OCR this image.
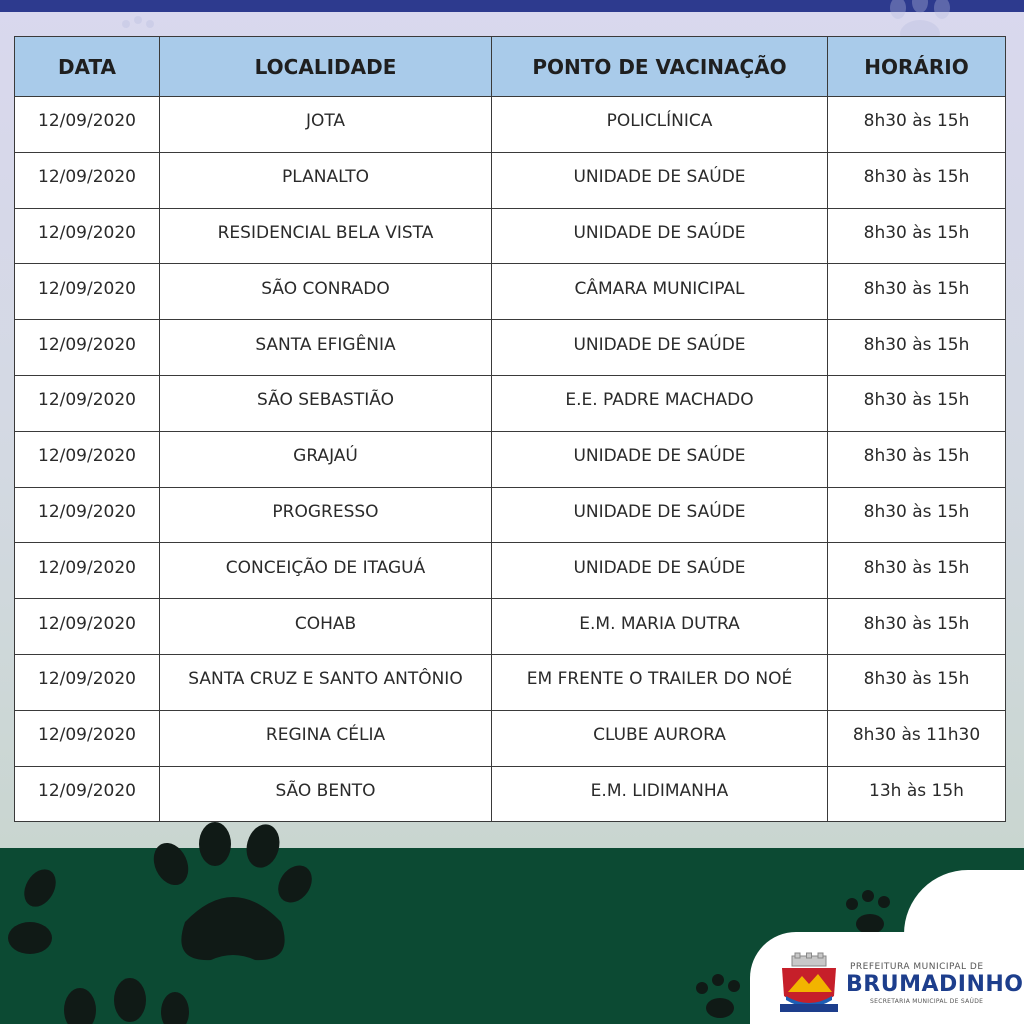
DATA	LOCALIDADE	PONTO DE VACINAÇÃO	HORÁRIO
12/09/2020	JOTA	POLICLÍNICA	8h30 às 15h
12/09/2020	PLANALTO	UNIDADE DE SAÚDE	8h30 às 15h
12/09/2020	RESIDENCIAL BELA VISTA	UNIDADE DE SAÚDE	8h30 às 15h
12/09/2020	SÃO CONRADO	CÂMARA MUNICIPAL	8h30 às 15h
12/09/2020	SANTA EFIGÊNIA	UNIDADE DE SAÚDE	8h30 às 15h
12/09/2020	SÃO SEBASTIÃO	E.E. PADRE MACHADO	8h30 às 15h
12/09/2020	GRAJAÚ	UNIDADE DE SAÚDE	8h30 às 15h
12/09/2020	PROGRESSO	UNIDADE DE SAÚDE	8h30 às 15h
12/09/2020	CONCEIÇÃO DE ITAGUÁ	UNIDADE DE SAÚDE	8h30 às 15h
12/09/2020	COHAB	E.M. MARIA DUTRA	8h30 às 15h
12/09/2020	SANTA CRUZ E SANTO ANTÔNIO	EM FRENTE O TRAILER DO NOÉ	8h30 às 15h
12/09/2020	REGINA CÉLIA	CLUBE AURORA	8h30 às 11h30
12/09/2020	SÃO BENTO	E.M. LIDIMANHA	13h às 15h
PREFEITURA MUNICIPAL DE
BRUMADINHO
SECRETARIA MUNICIPAL DE SAÚDE
